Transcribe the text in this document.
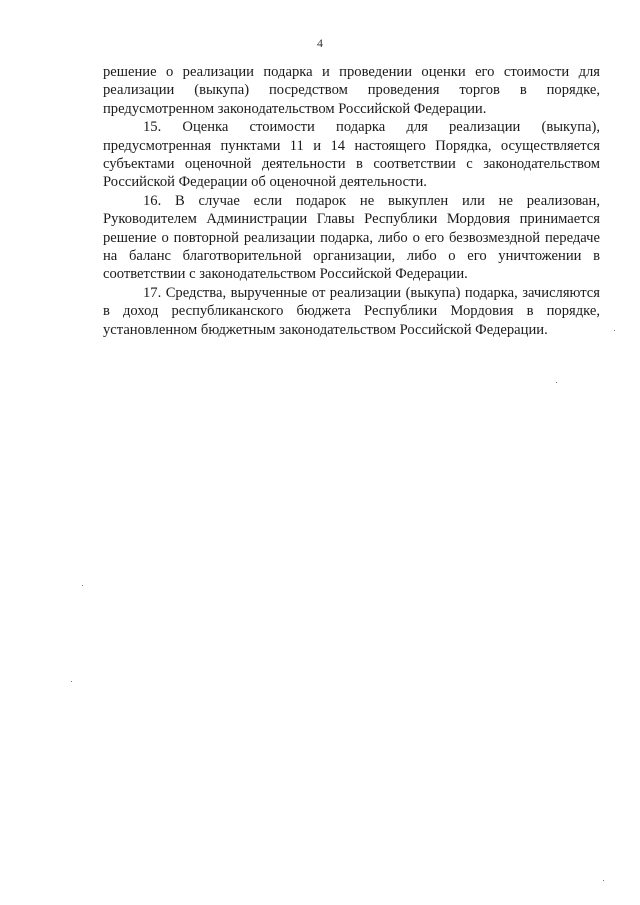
4

решение о реализации подарка и проведении оценки его стоимости для реализации (выкупа) посредством проведения торгов в порядке, предусмотренном законодательством Российской Федерации.

15. Оценка стоимости подарка для реализации (выкупа), предусмотренная пунктами 11 и 14 настоящего Порядка, осуществляется субъектами оценочной деятельности в соответствии с законодательством Российской Федерации об оценочной деятельности.

16. В случае если подарок не выкуплен или не реализован, Руководителем Администрации Главы Республики Мордовия принимается решение о повторной реализации подарка, либо о его безвозмездной передаче на баланс благотворительной организации, либо о его уничтожении в соответствии с законодательством Российской Федерации.

17. Средства, вырученные от реализации (выкупа) подарка, зачисляются в доход республиканского бюджета Республики Мордовия в порядке, установленном бюджетным законодательством Российской Федерации.
